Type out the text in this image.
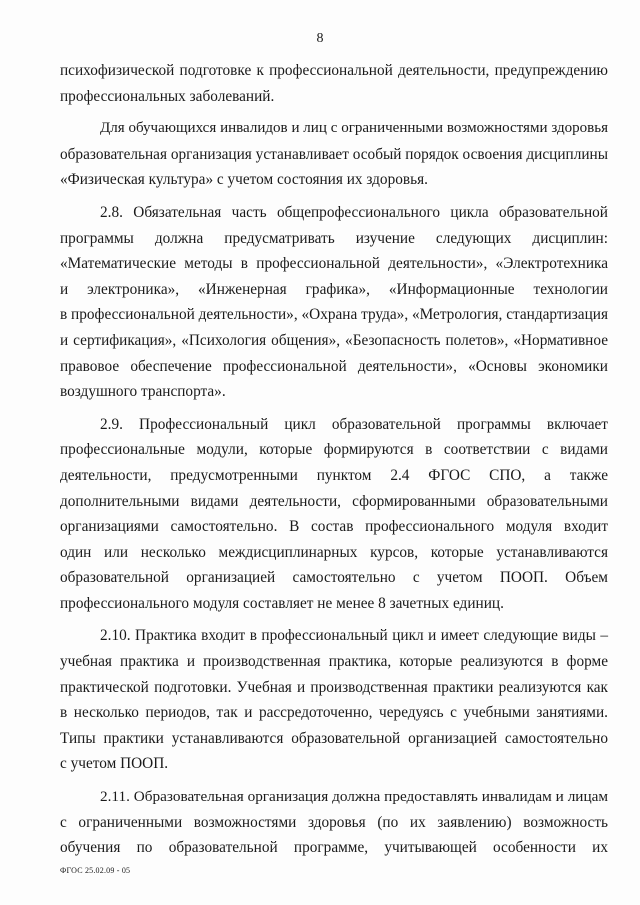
8
психофизической подготовке к профессиональной деятельности, предупреждению
профессиональных заболеваний.
Для обучающихся инвалидов и лиц с ограниченными возможностями здоровья
образовательная организация устанавливает особый порядок освоения дисциплины
«Физическая культура» с учетом состояния их здоровья.
2.8. Обязательная часть общепрофессионального цикла образовательной
программы должна предусматривать изучение следующих дисциплин:
«Математические методы в профессиональной деятельности», «Электротехника
и электроника», «Инженерная графика», «Информационные технологии
в профессиональной деятельности», «Охрана труда», «Метрология, стандартизация
и сертификация», «Психология общения», «Безопасность полетов», «Нормативное
правовое обеспечение профессиональной деятельности», «Основы экономики
воздушного транспорта».
2.9. Профессиональный цикл образовательной программы включает
профессиональные модули, которые формируются в соответствии с видами
деятельности, предусмотренными пунктом 2.4 ФГОС СПО, а также
дополнительными видами деятельности, сформированными образовательными
организациями самостоятельно. В состав профессионального модуля входит
один или несколько междисциплинарных курсов, которые устанавливаются
образовательной организацией самостоятельно с учетом ПООП. Объем
профессионального модуля составляет не менее 8 зачетных единиц.
2.10. Практика входит в профессиональный цикл и имеет следующие виды –
учебная практика и производственная практика, которые реализуются в форме
практической подготовки. Учебная и производственная практики реализуются как
в несколько периодов, так и рассредоточенно, чередуясь с учебными занятиями.
Типы практики устанавливаются образовательной организацией самостоятельно
с учетом ПООП.
2.11. Образовательная организация должна предоставлять инвалидам и лицам
с ограниченными возможностями здоровья (по их заявлению) возможность
обучения по образовательной программе, учитывающей особенности их
ФГОС 25.02.09 - 05
